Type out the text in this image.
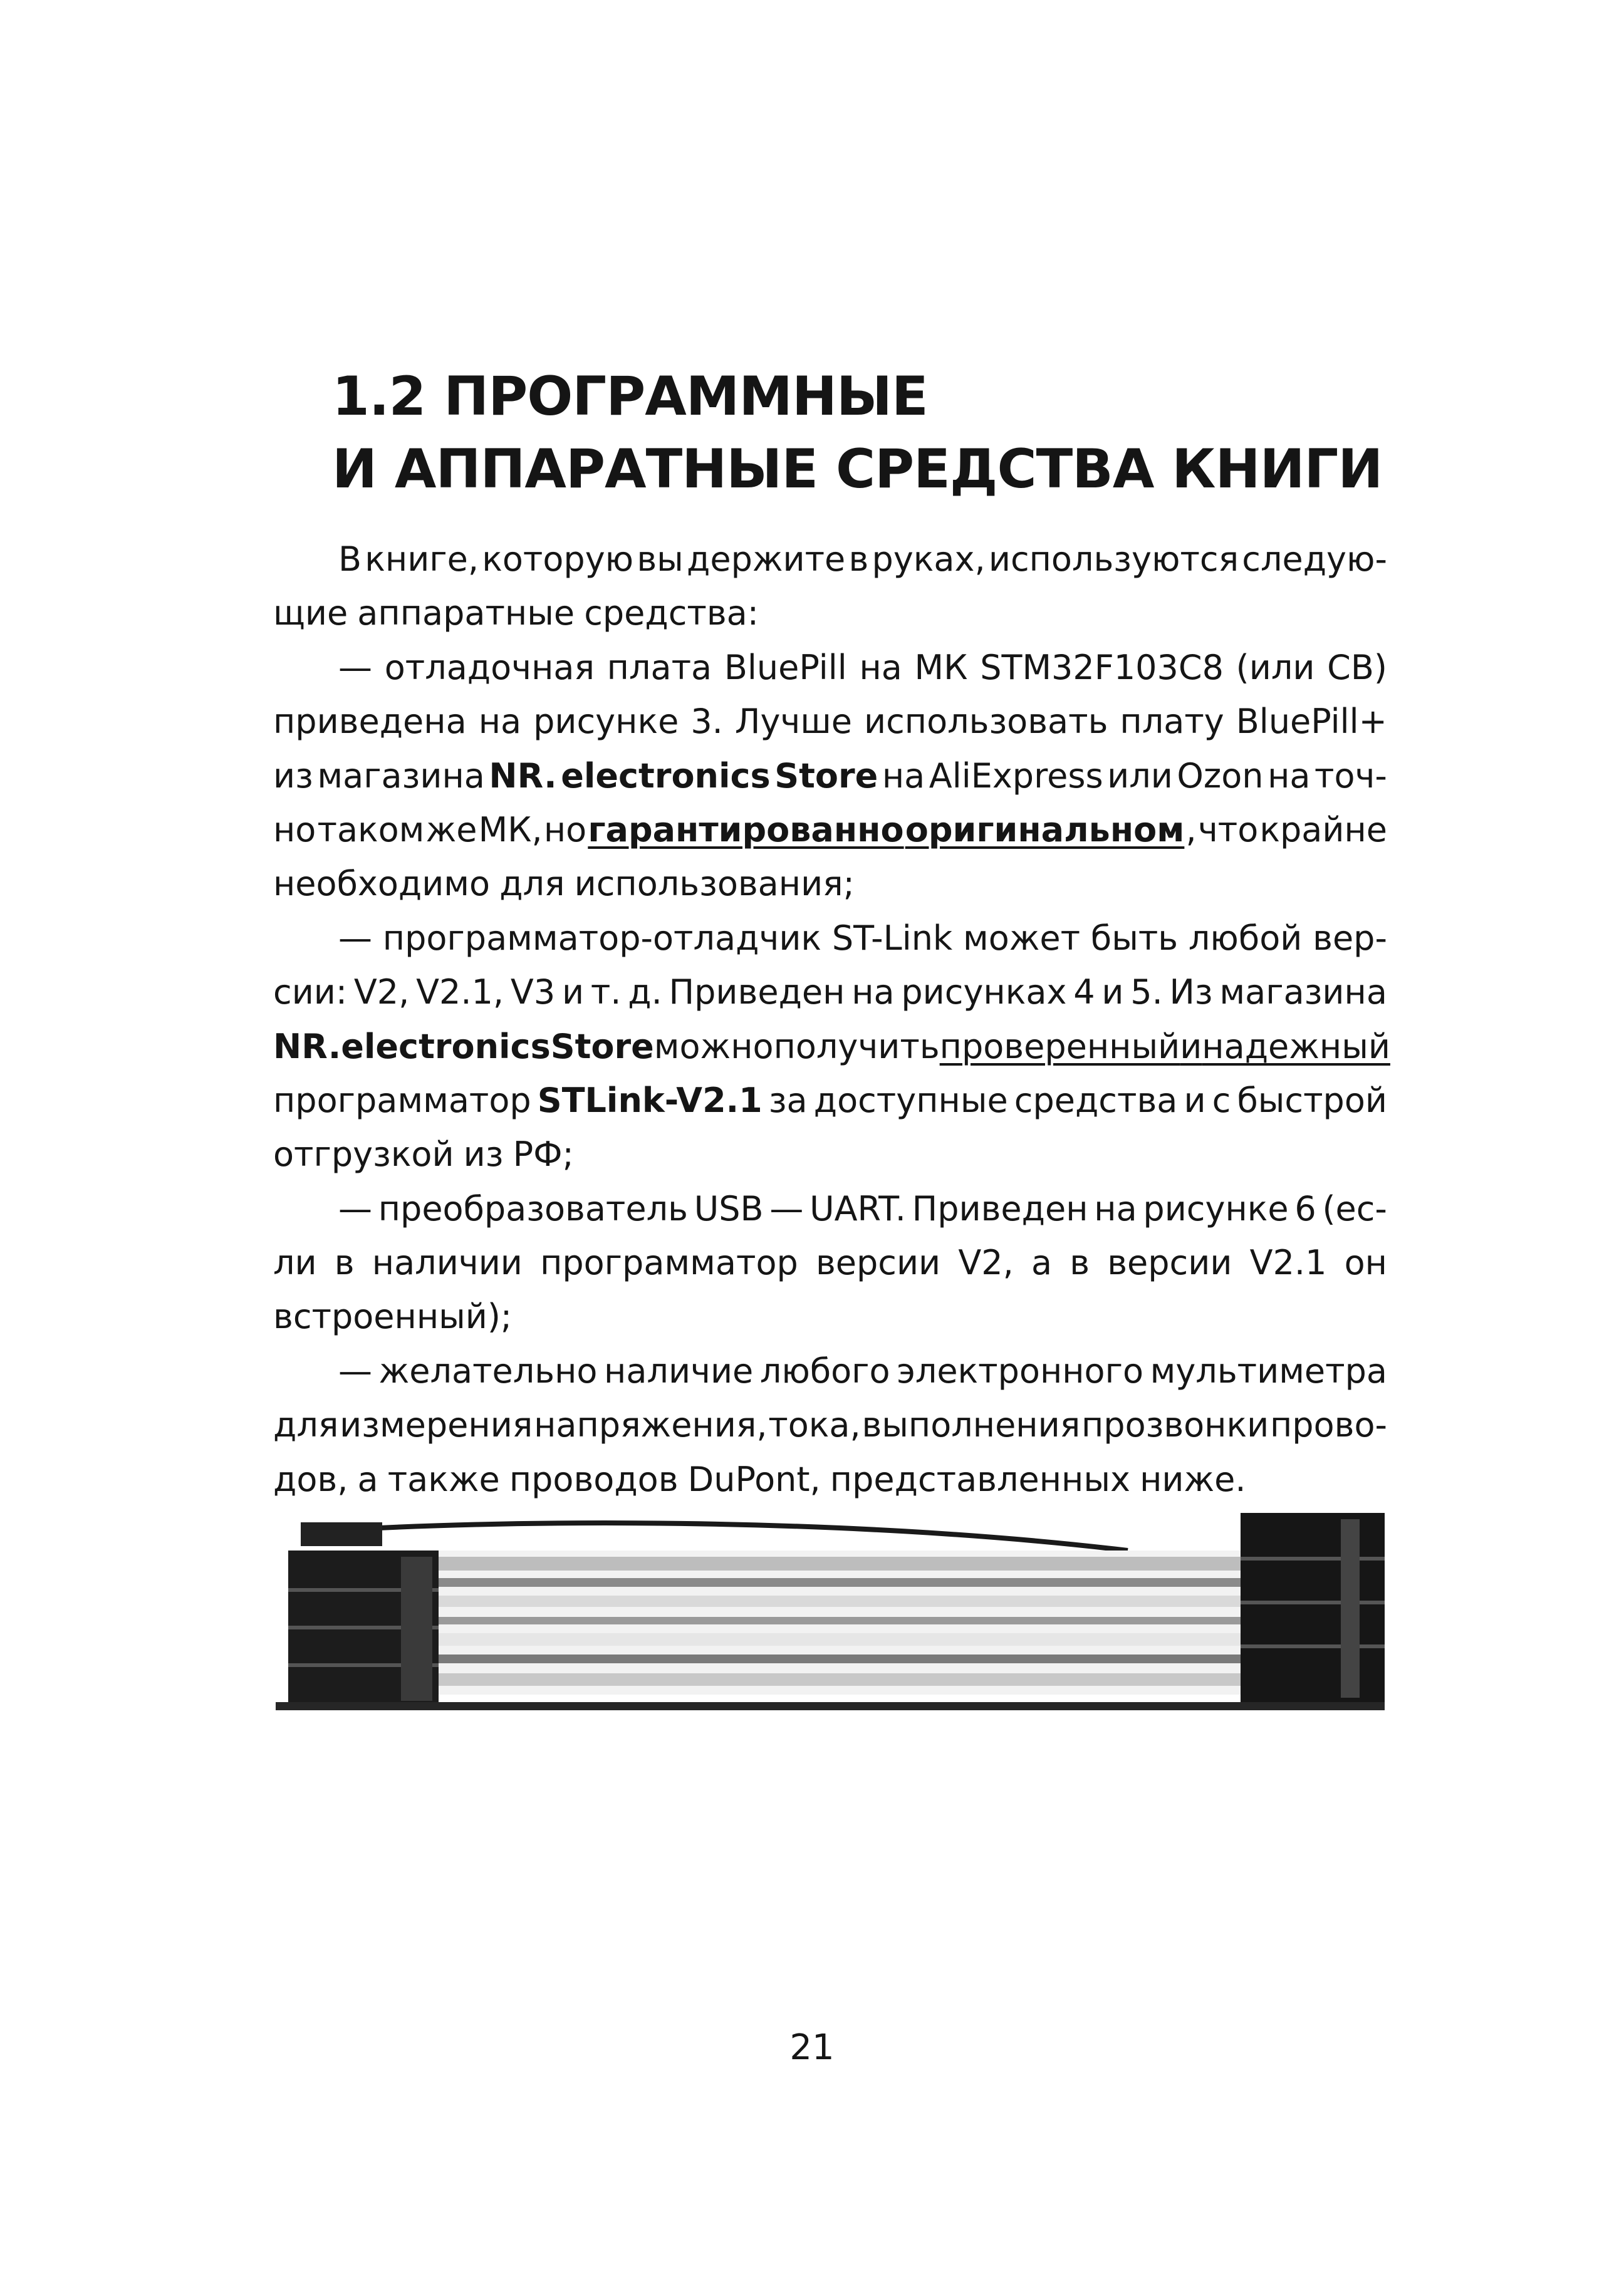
1.2 ПРОГРАММНЫЕ
И АППАРАТНЫЕ СРЕДСТВА КНИГИ
В книге, которую вы держите в руках, используются следую-
щие аппаратные средства:
— отладочная плата BluePill на МК STM32F103C8 (или CB)
приведена на рисунке 3. Лучше использовать плату BluePill+
из магазина NR. electronics Store на AliExpress или Ozon на точ-
но таком же МК, но гарантированно оригинальном , что крайне
необходимо для использования;
— программатор-отладчик ST-Link может быть любой вер-
сии: V2, V2.1, V3 и т. д. Приведен на рисунках 4 и 5. Из магазина
NR. electronics Store можно получить проверенный и надежный
программатор STLink-V2.1 за доступные средства и с быстрой
отгрузкой из РФ;
— преобразователь USB — UART. Приведен на рисунке 6 (ес-
ли в наличии программатор версии V2, а в версии V2.1 он
встроенный);
— желательно наличие любого электронного мультиметра
для измерения напряжения, тока, выполнения прозвонки прово-
дов, а также проводов DuPont, представленных ниже.
21
